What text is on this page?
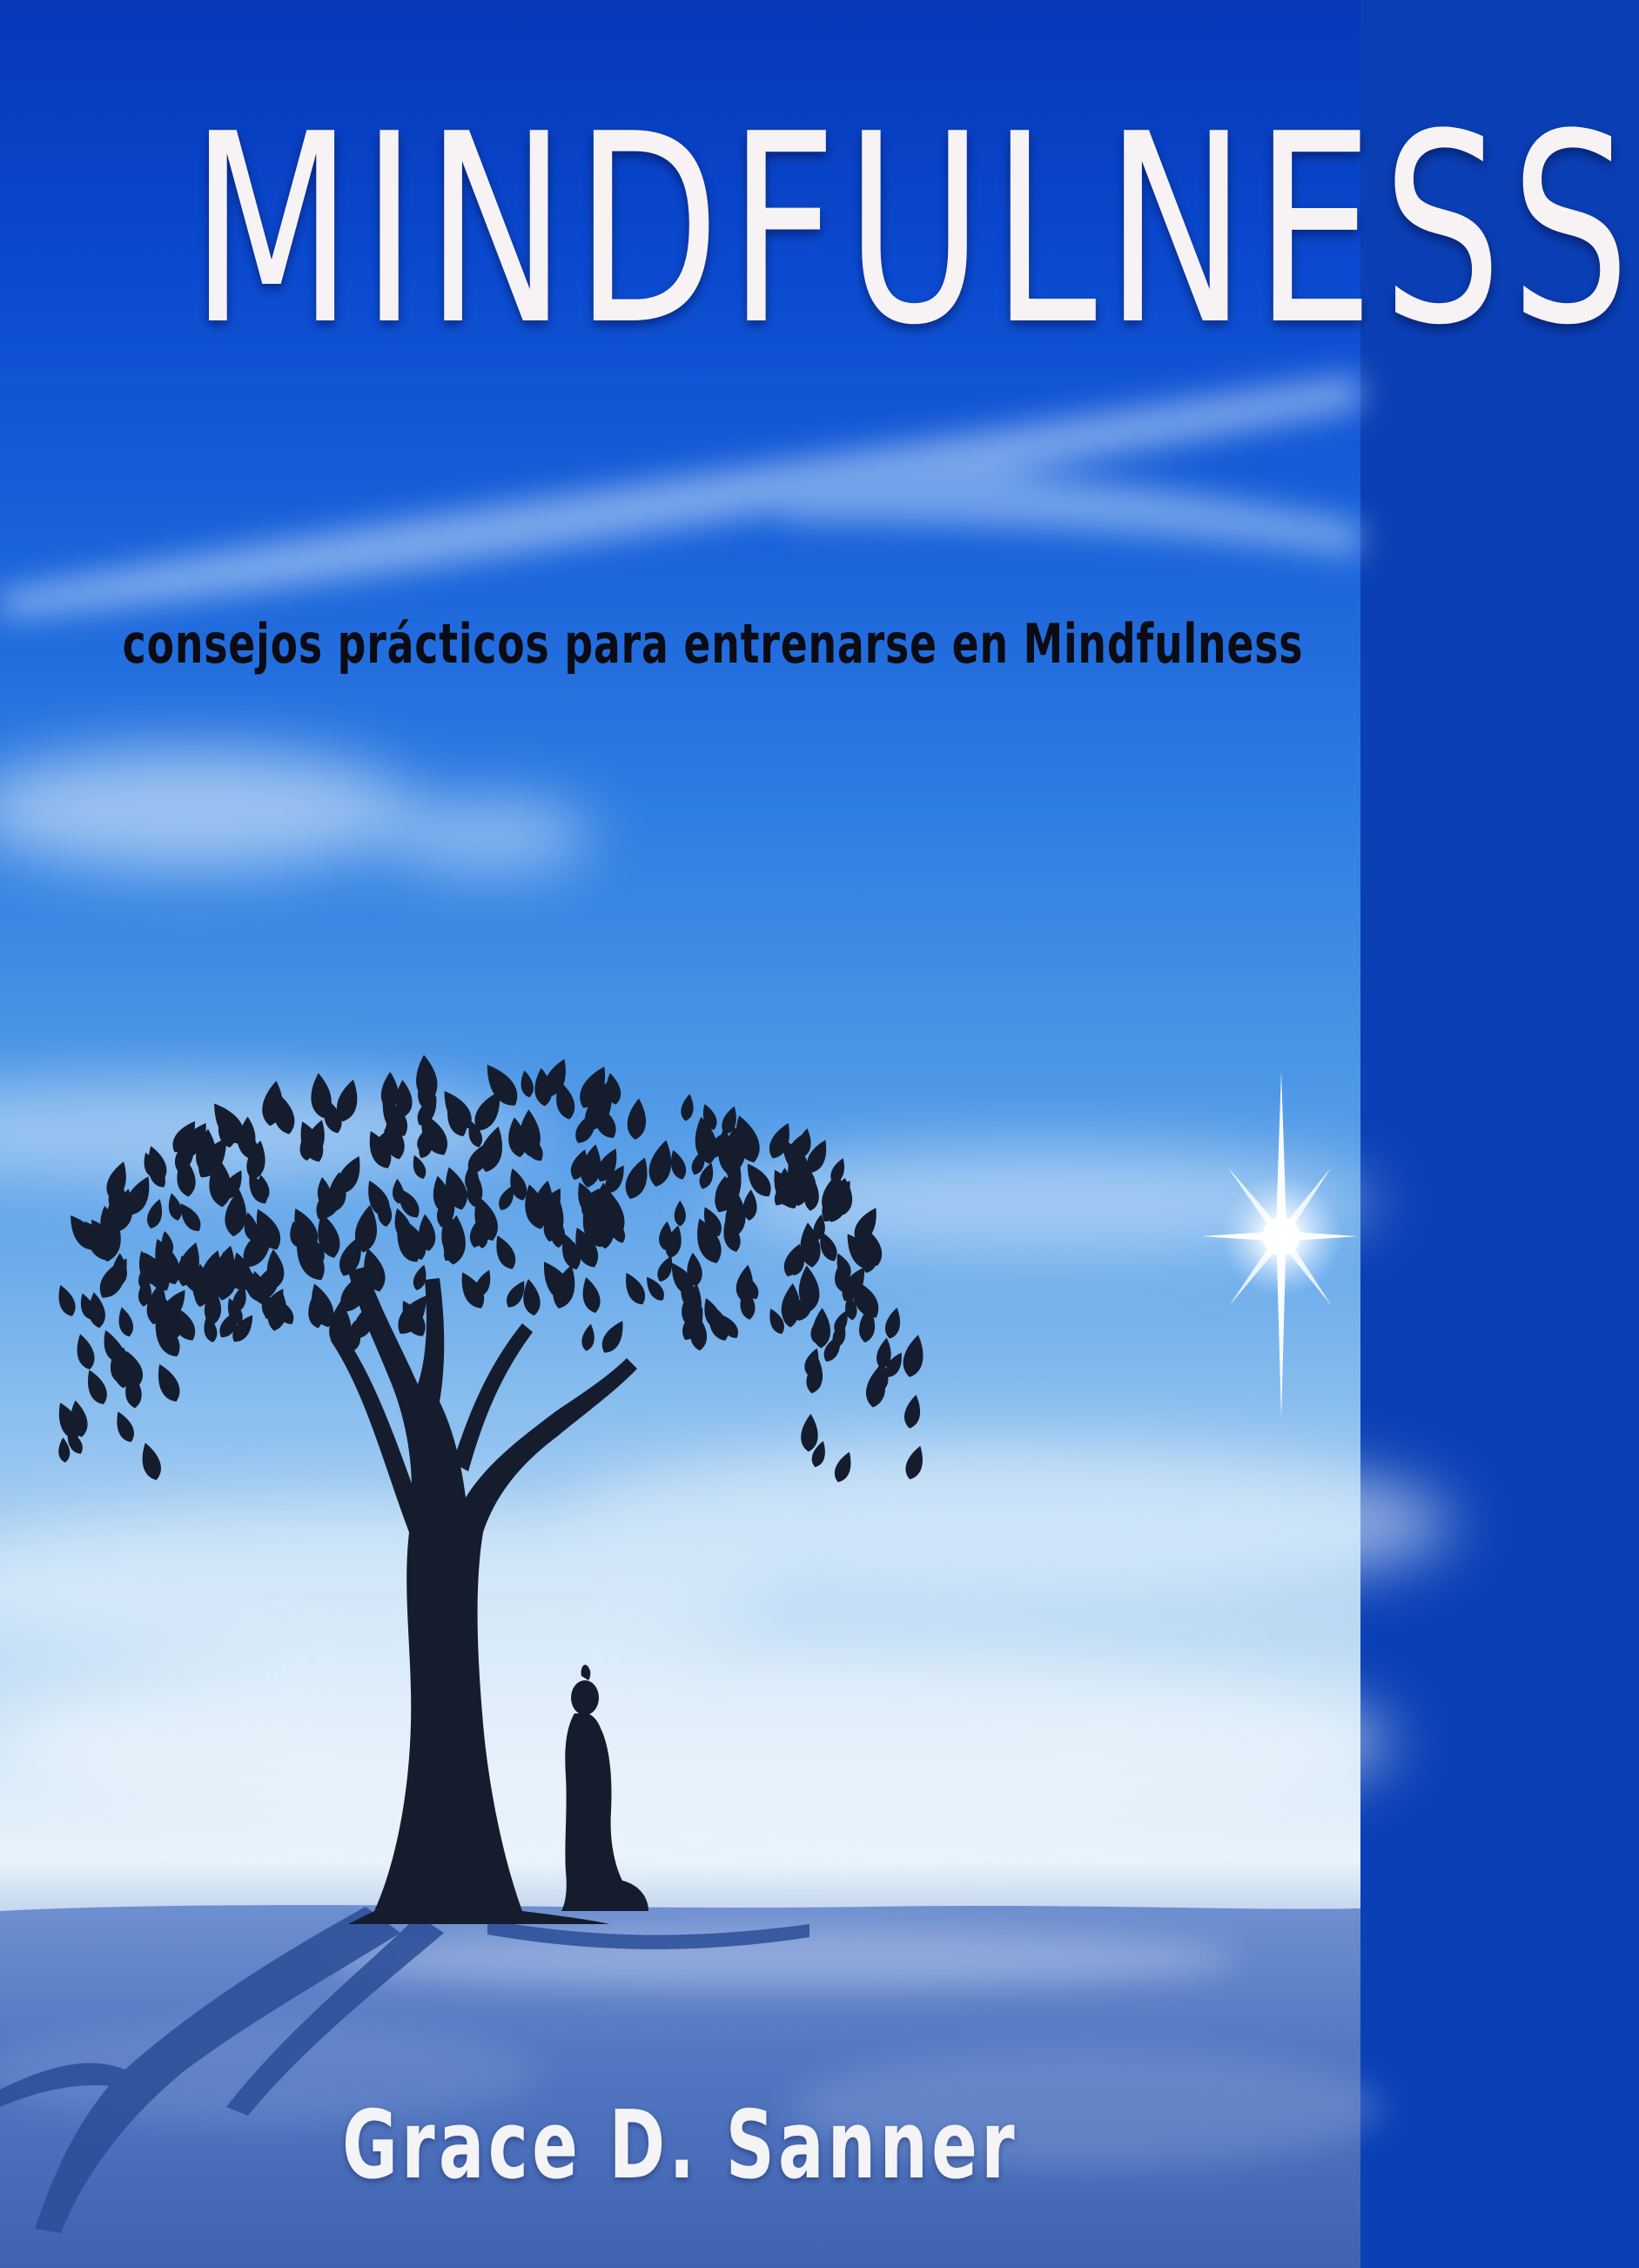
MINDFULNESS
consejos prácticos para entrenarse en Mindfulness
Grace D. Sanner
